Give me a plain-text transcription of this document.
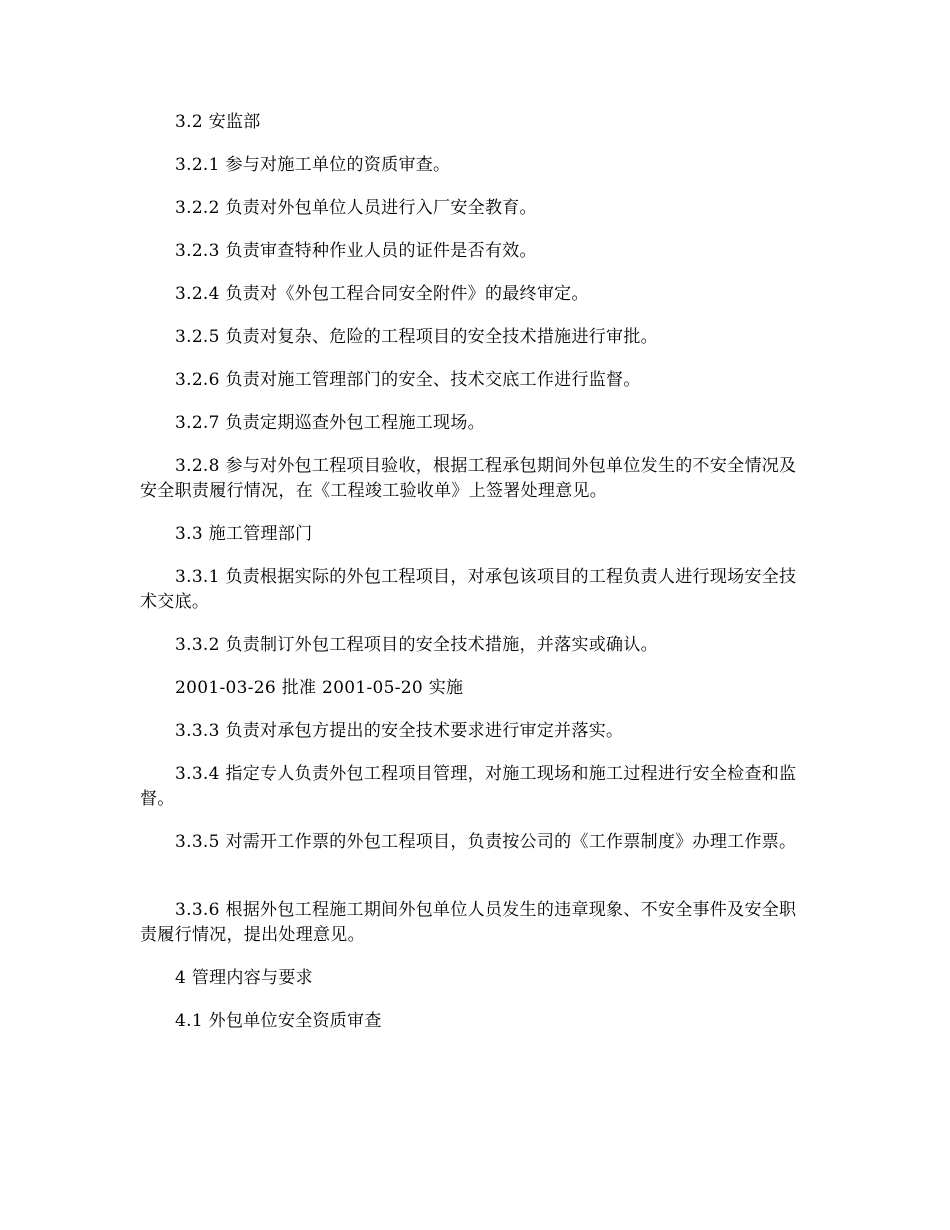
3.2 安监部

3.2.1 参与对施工单位的资质审查。

3.2.2 负责对外包单位人员进行入厂安全教育。

3.2.3 负责审查特种作业人员的证件是否有效。

3.2.4 负责对《外包工程合同安全附件》的最终审定。

3.2.5 负责对复杂、危险的工程项目的安全技术措施进行审批。

3.2.6 负责对施工管理部门的安全、技术交底工作进行监督。

3.2.7 负责定期巡查外包工程施工现场。

3.2.8 参与对外包工程项目验收，根据工程承包期间外包单位发生的不安全情况及安全职责履行情况，在《工程竣工验收单》上签署处理意见。

3.3 施工管理部门

3.3.1 负责根据实际的外包工程项目，对承包该项目的工程负责人进行现场安全技术交底。

3.3.2 负责制订外包工程项目的安全技术措施，并落实或确认。

2001-03-26 批准 2001-05-20 实施

3.3.3 负责对承包方提出的安全技术要求进行审定并落实。

3.3.4 指定专人负责外包工程项目管理，对施工现场和施工过程进行安全检查和监督。

3.3.5 对需开工作票的外包工程项目，负责按公司的《工作票制度》办理工作票。

3.3.6 根据外包工程施工期间外包单位人员发生的违章现象、不安全事件及安全职责履行情况，提出处理意见。

4 管理内容与要求

4.1 外包单位安全资质审查
